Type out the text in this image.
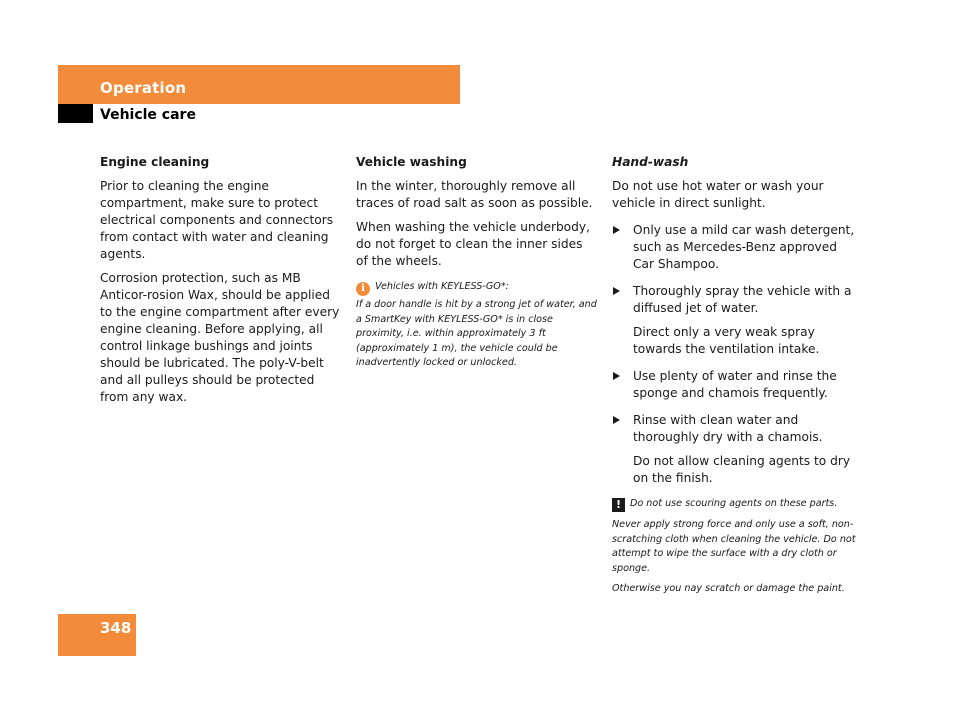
Operation
Vehicle care
Engine cleaning

Prior to cleaning the engine compartment, make sure to protect electrical components and connectors from contact with water and cleaning agents.

Corrosion protection, such as MB Anticor-rosion Wax, should be applied to the engine compartment after every engine cleaning. Before applying, all control linkage bushings and joints should be lubricated. The poly-V-belt and all pulleys should be protected from any wax.

Vehicle washing

In the winter, thoroughly remove all traces of road salt as soon as possible.

When washing the vehicle underbody, do not forget to clean the inner sides of the wheels.

i Vehicles with KEYLESS-GO*:

If a door handle is hit by a strong jet of water, and a SmartKey with KEYLESS-GO* is in close proximity, i.e. within approximately 3 ft (approximately 1 m), the vehicle could be inadvertently locked or unlocked.

Hand-wash

Do not use hot water or wash your vehicle in direct sunlight.

Only use a mild car wash detergent, such as Mercedes-Benz approved Car Shampoo.
Thoroughly spray the vehicle with a diffused jet of water.

Direct only a very weak spray towards the ventilation intake.

Use plenty of water and rinse the sponge and chamois frequently.
Rinse with clean water and thoroughly dry with a chamois.

Do not allow cleaning agents to dry on the finish.

! Do not use scouring agents on these parts.

Never apply strong force and only use a soft, non-scratching cloth when cleaning the vehicle. Do not attempt to wipe the surface with a dry cloth or sponge.

Otherwise you nay scratch or damage the paint.

348
